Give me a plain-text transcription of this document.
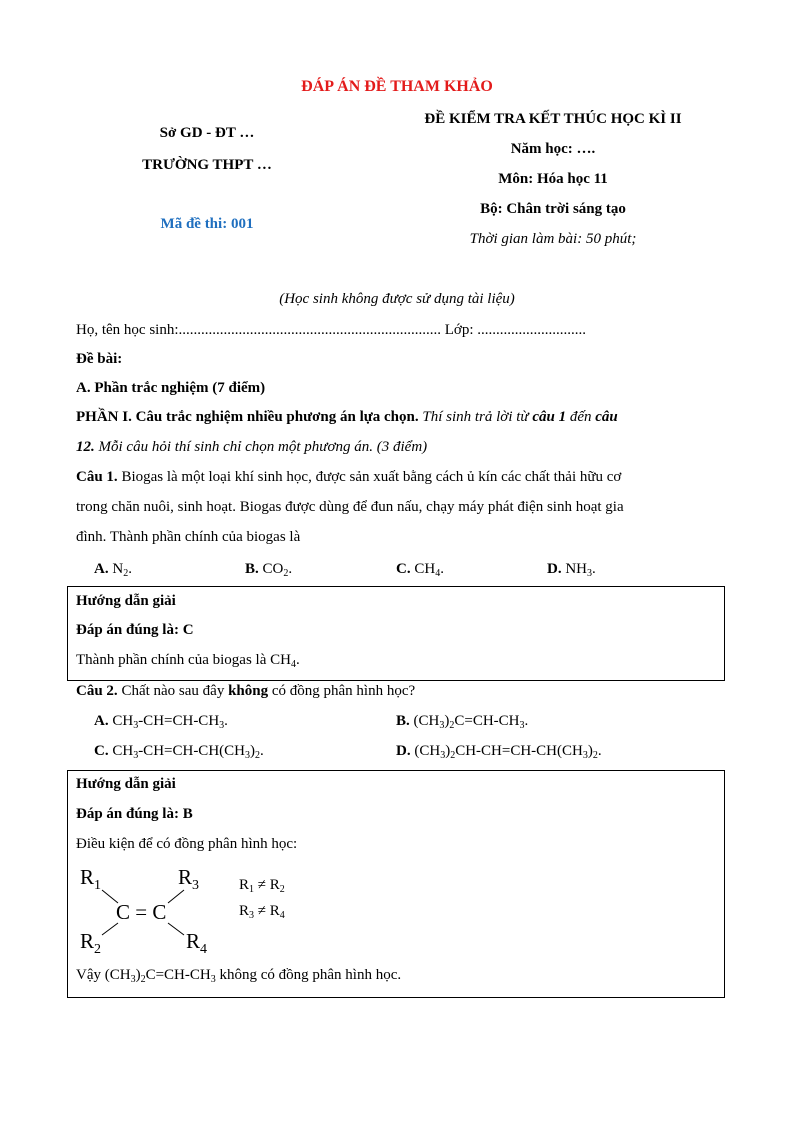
ĐÁP ÁN ĐỀ THAM KHẢO
Sở GD - ĐT …
TRƯỜNG THPT …
Mã đề thi: 001
ĐỀ KIỂM TRA KẾT THÚC HỌC KÌ II
Năm học: ….
Môn: Hóa học 11
Bộ: Chân trời sáng tạo
Thời gian làm bài: 50 phút;
(Học sinh không được sử dụng tài liệu)
Họ, tên học sinh:...................................................................... Lớp: .............................
Đề bài:
A. Phần trắc nghiệm (7 điểm)
PHẦN I. Câu trắc nghiệm nhiều phương án lựa chọn. Thí sinh trả lời từ câu 1 đến câu
12. Mỗi câu hỏi thí sinh chỉ chọn một phương án. (3 điểm)
Câu 1. Biogas là một loại khí sinh học, được sản xuất bằng cách ủ kín các chất thải hữu cơ
trong chăn nuôi, sinh hoạt. Biogas được dùng để đun nấu, chạy máy phát điện sinh hoạt gia
đình. Thành phần chính của biogas là
A. $N_2$.	B. $CO_2$.	C. $CH_4$.	D. $NH_3$.
Hướng dẫn giải
Đáp án đúng là: C
Thành phần chính của biogas là $CH_4$.
Câu 2. Chất nào sau đây không có đồng phân hình học?
A. $CH_3-CH=CH-CH_3$.	B. $(CH_3)_2C=CH-CH_3$.
C. $CH_3-CH=CH-CH(CH_3)_2$.	D. $(CH_3)_2CH-CH=CH-CH(CH_3)_2$.
Hướng dẫn giải
Đáp án đúng là: B
Điều kiện để có đồng phân hình học:
$R_1$	$R_3$
C = C
$R_2$	$R_4$
$R_1 \ne R_2$
$R_3 \ne R_4$
Vậy $(CH_3)_2C=CH-CH_3$ không có đồng phân hình học.
